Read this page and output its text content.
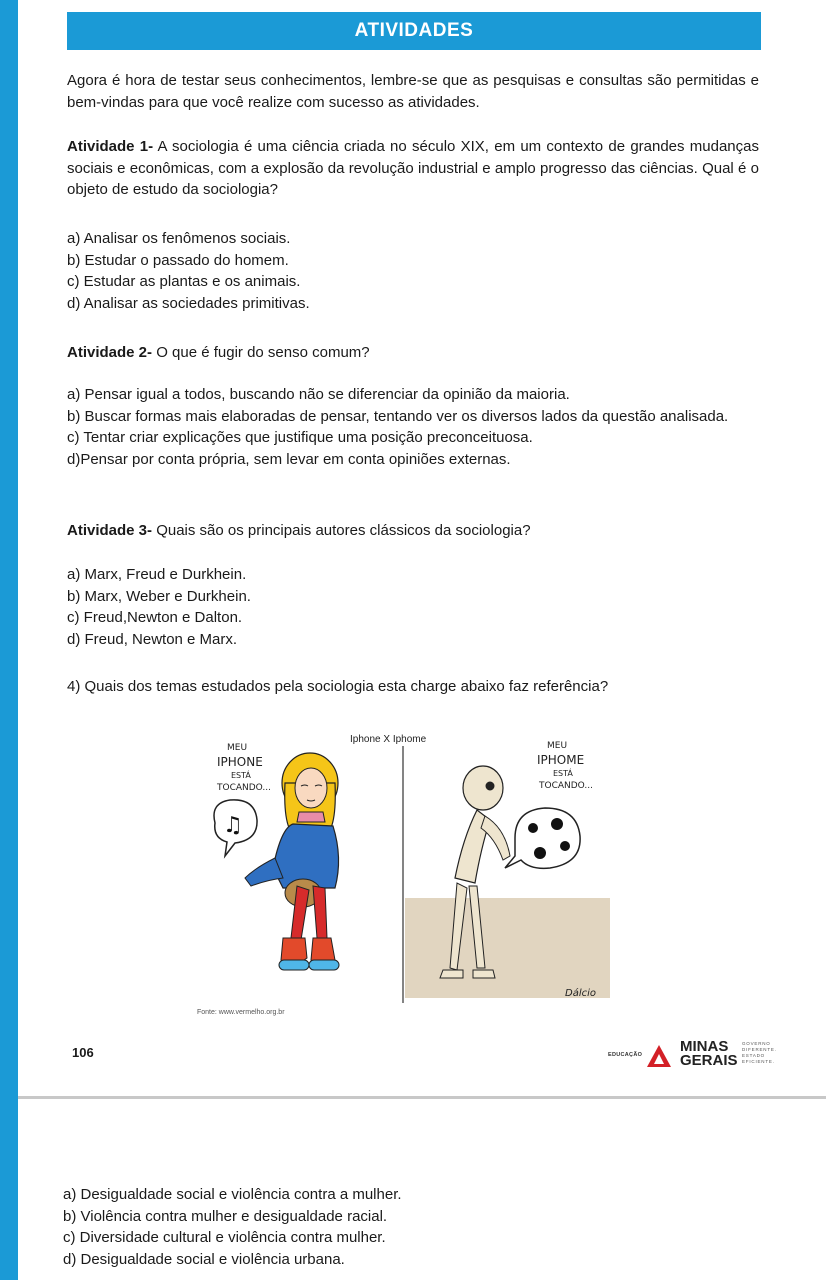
ATIVIDADES
Agora é hora de testar seus conhecimentos, lembre-se que as pesquisas e consultas são permitidas e bem-vindas para que você realize com sucesso as atividades.
Atividade 1- A sociologia é uma ciência criada no século XIX, em um contexto de grandes mudanças sociais e econômicas, com a explosão da revolução industrial e amplo progresso das ciências. Qual é o objeto de estudo da sociologia?
a) Analisar os fenômenos sociais.
b) Estudar o passado do homem.
c) Estudar as plantas e os animais.
d) Analisar as sociedades primitivas.
Atividade 2- O que é fugir do senso comum?
a) Pensar igual a todos, buscando não se diferenciar da opinião da maioria.
b) Buscar formas mais elaboradas de pensar, tentando ver os diversos lados da questão analisada.
c) Tentar criar explicações que justifique uma posição preconceituosa.
d)Pensar por conta própria, sem levar em conta opiniões externas.
Atividade 3- Quais são os principais autores clássicos da sociologia?
a) Marx, Freud e Durkhein.
b) Marx, Weber e Durkhein.
c) Freud,Newton e Dalton.
d) Freud, Newton e Marx.
4) Quais dos temas estudados pela sociologia esta charge abaixo faz referência?
Iphone X Iphome
MEU
IPHONE
ESTÁ
TOCANDO...
MEU
IPHOME
ESTÁ
TOCANDO...
♫
Dálcio
Fonte: www.vermelho.org.br
106	EDUCAÇÃO	MINAS
GERAIS
GOVERNO
DIFERENTE.
ESTADO
EFICIENTE.
a) Desigualdade social e violência contra a mulher.
b) Violência contra mulher e desigualdade racial.
c) Diversidade cultural e violência contra mulher.
d) Desigualdade social e violência urbana.
